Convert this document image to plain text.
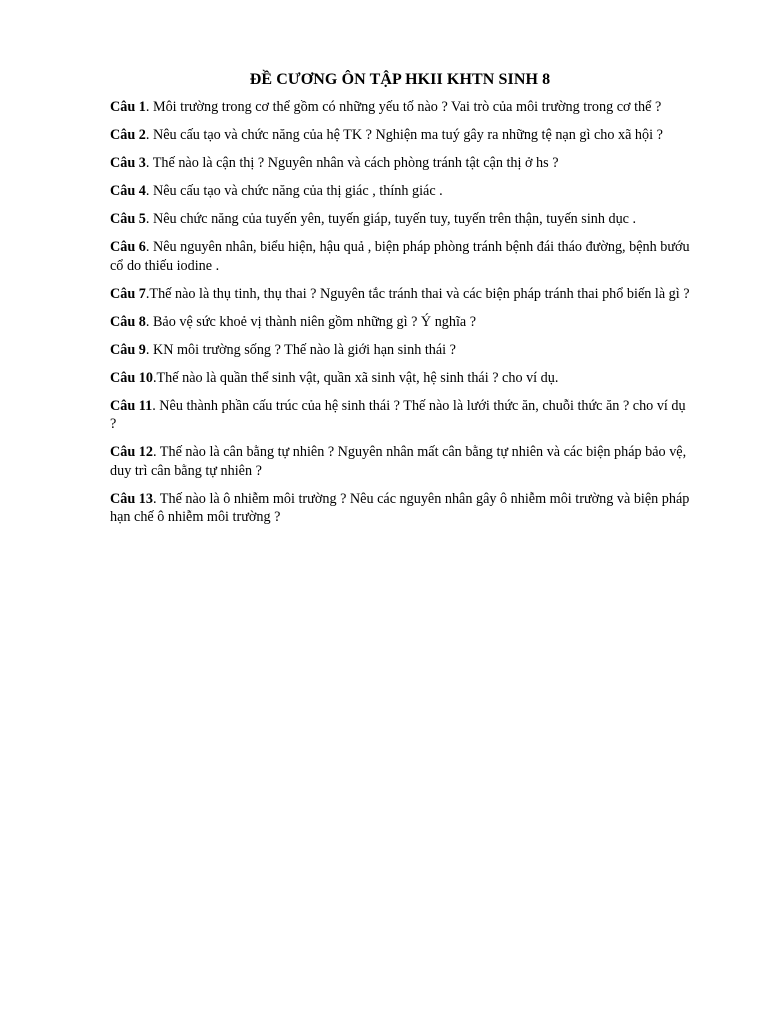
ĐỀ CƯƠNG ÔN TẬP HKII KHTN SINH 8

Câu 1. Môi trường trong cơ thể gồm có những yếu tố nào ? Vai trò của môi trường trong cơ thể ?

Câu 2. Nêu cấu tạo và chức năng của hệ TK ? Nghiện ma tuý gây ra những tệ nạn gì cho xã hội ?

Câu 3. Thế nào là cận thị ? Nguyên nhân và cách phòng tránh tật cận thị ở hs ?

Câu 4. Nêu cấu tạo và chức năng của thị giác , thính giác .

Câu 5. Nêu chức năng của tuyến yên, tuyến giáp, tuyến tuy, tuyến trên thận, tuyến sinh dục .

Câu 6. Nêu nguyên nhân, biểu hiện, hậu quả , biện pháp phòng tránh bệnh đái tháo đường, bệnh bướu cổ do thiếu iodine .

Câu 7.Thế nào là thụ tinh, thụ thai ? Nguyên tắc tránh thai và các biện pháp tránh thai phổ biến là gì ?

Câu 8. Bảo vệ sức khoẻ vị thành niên gồm những gì ? Ý nghĩa ?

Câu 9. KN môi trường sống ? Thế nào là giới hạn sinh thái ?

Câu 10.Thế nào là quần thể sinh vật, quần xã sinh vật, hệ sinh thái ? cho ví dụ.

Câu 11. Nêu thành phần cấu trúc của hệ sinh thái ? Thế nào là lưới thức ăn, chuỗi thức ăn ? cho ví dụ ?

Câu 12. Thế nào là cân bằng tự nhiên ? Nguyên nhân mất cân bằng tự nhiên và các biện pháp bảo vệ, duy trì cân bằng tự nhiên ?

Câu 13. Thế nào là ô nhiễm môi trường ? Nêu các nguyên nhân gây ô nhiễm môi trường và biện pháp hạn chế ô nhiễm môi trường ?
